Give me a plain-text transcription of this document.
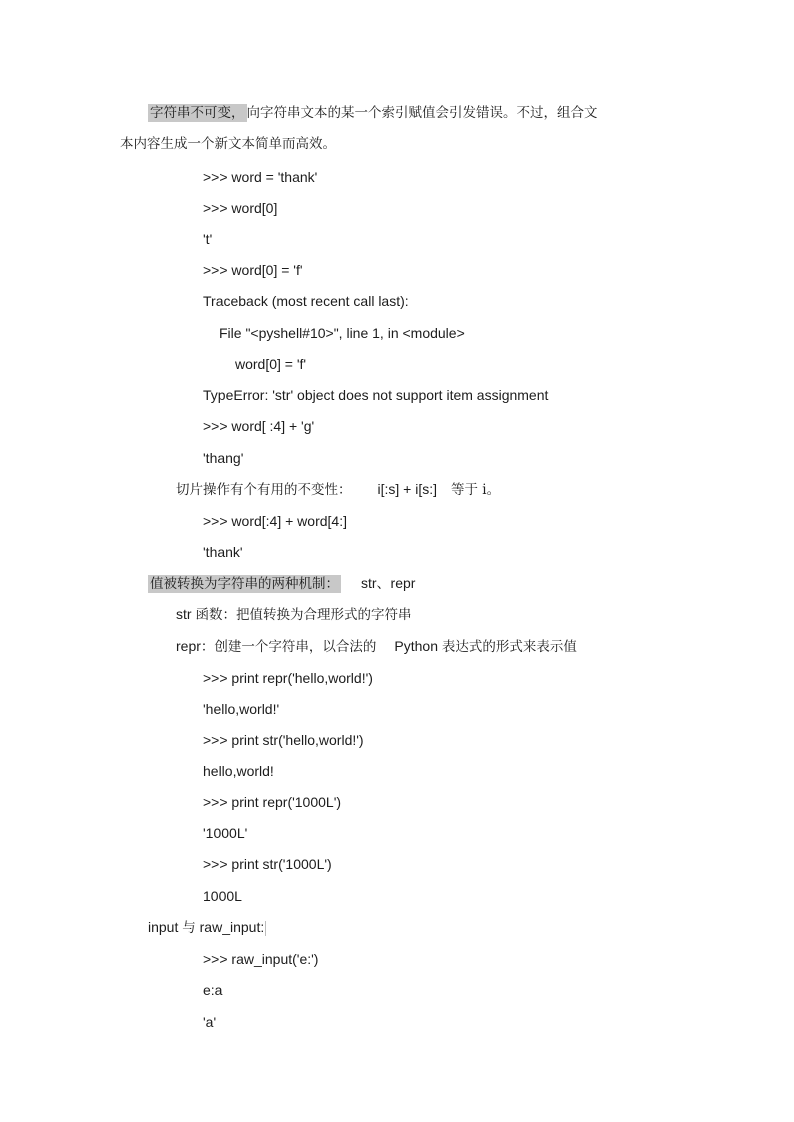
字符串不可变， 向字符串文本的某一个索引赋值会引发错误。不过，组合文
本内容生成一个新文本简单而高效。
>>> word = 'thank'
>>> word[0]
't'
>>> word[0] = 'f'
Traceback (most recent call last):
File "<pyshell#10>", line 1, in <module>
word[0] = 'f'
TypeError: 'str' object does not support item assignment
>>> word[ :4] + 'g'
'thang'
切片操作有个有用的不变性： i[:s] + i[s:] 等于 i。
>>> word[:4] + word[4:]
'thank'
值被转换为字符串的两种机制： str、repr
str 函数：把值转换为合理形式的字符串
repr：创建一个字符串，以合法的 Python 表达式的形式来表示值
>>> print repr('hello,world!')
'hello,world!'
>>> print str('hello,world!')
hello,world!
>>> print repr('1000L')
'1000L'
>>> print str('1000L')
1000L
input 与 raw_input:
>>> raw_input('e:')
e:a
'a'
